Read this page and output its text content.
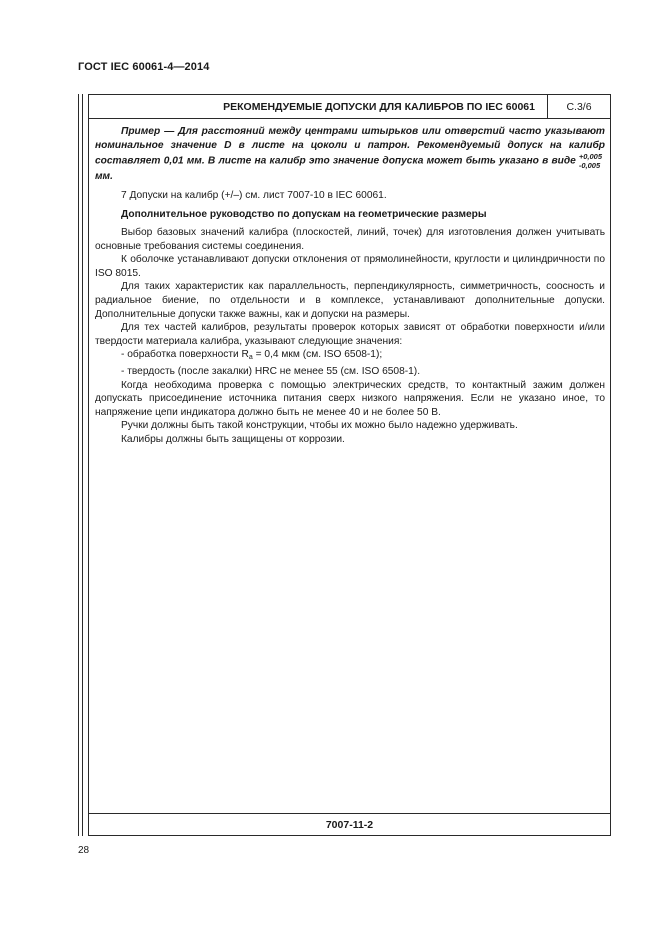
ГОСТ IEC 60061-4—2014
РЕКОМЕНДУЕМЫЕ ДОПУСКИ ДЛЯ КАЛИБРОВ ПО IEC 60061	С.3/6

Пример — Для расстояний между центрами штырьков или отверстий часто указывают номинальное значение D в листе на цоколи и патрон. Рекомендуемый допуск на калибр составляет 0,01 мм. В листе на калибр это значение допуска может быть указано в виде +0,005
-0,005
мм.

7 Допуски на калибр (+/–) см. лист 7007-10 в IEC 60061.

Дополнительное руководство по допускам на геометрические размеры

Выбор базовых значений калибра (плоскостей, линий, точек) для изготовления должен учитывать основные требования системы соединения.

К оболочке устанавливают допуски отклонения от прямолинейности, круглости и цилиндричности по ISO 8015.

Для таких характеристик как параллельность, перпендикулярность, симметричность, соосность и радиальное биение, по отдельности и в комплексе, устанавливают дополнительные допуски. Дополнительные допуски также важны, как и допуски на размеры.

Для тех частей калибров, результаты проверок которых зависят от обработки поверхности и/или твердости материала калибра, указывают следующие значения:

- обработка поверхности $R_a = 0,4$ мкм (см. ISO 6508-1);

- твердость (после закалки) HRC не менее 55 (см. ISO 6508-1).

Когда необходима проверка с помощью электрических средств, то контактный зажим должен допускать присоединение источника питания сверх низкого напряжения. Если не указано иное, то напряжение цепи индикатора должно быть не менее 40 и не более 50 В.

Ручки должны быть такой конструкции, чтобы их можно было надежно удерживать.

Калибры должны быть защищены от коррозии.

7007-11-2
28
